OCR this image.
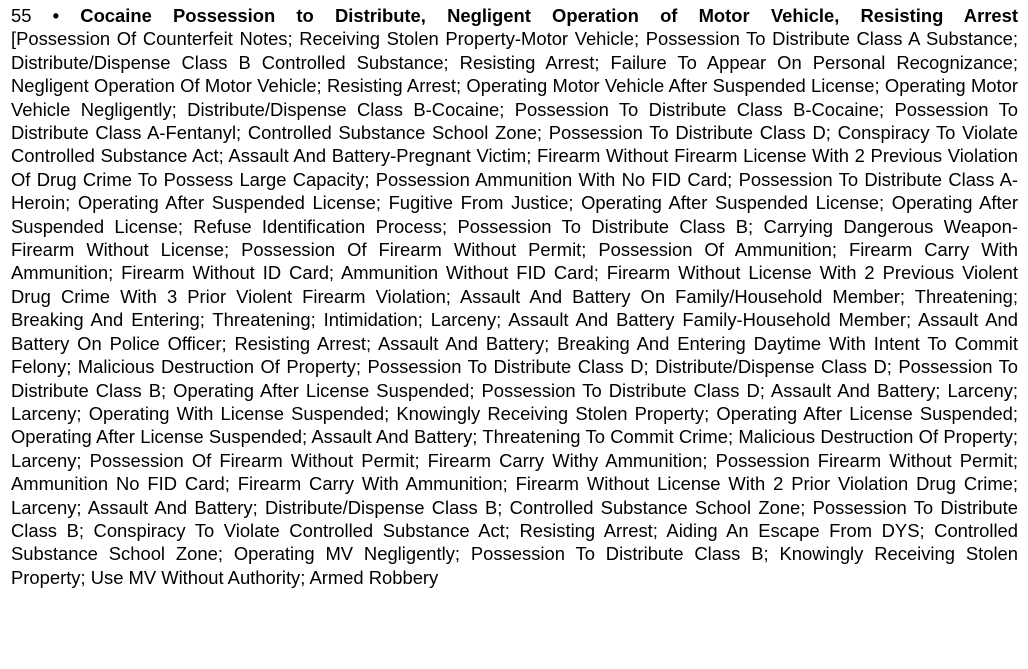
55 • Cocaine Possession to Distribute, Negligent Operation of Motor Vehicle, Resisting Arrest
[Possession Of Counterfeit Notes; Receiving Stolen Property-Motor Vehicle; Possession To Distribute Class A Substance; Distribute/Dispense Class B Controlled Substance; Resisting Arrest; Failure To Appear On Personal Recognizance; Negligent Operation Of Motor Vehicle; Resisting Arrest; Operating Motor Vehicle After Suspended License; Operating Motor Vehicle Negligently; Distribute/Dispense Class B-Cocaine; Possession To Distribute Class B-Cocaine; Possession To Distribute Class A-Fentanyl; Controlled Substance School Zone; Possession To Distribute Class D; Conspiracy To Violate Controlled Substance Act; Assault And Battery-Pregnant Victim; Firearm Without Firearm License With 2 Previous Violation Of Drug Crime To Possess Large Capacity; Possession Ammunition With No FID Card; Possession To Distribute Class A-Heroin; Operating After Suspended License; Fugitive From Justice; Operating After Suspended License; Operating After Suspended License; Refuse Identification Process; Possession To Distribute Class B; Carrying Dangerous Weapon-Firearm Without License; Possession Of Firearm Without Permit; Possession Of Ammunition; Firearm Carry With Ammunition; Firearm Without ID Card; Ammunition Without FID Card; Firearm Without License With 2 Previous Violent Drug Crime With 3 Prior Violent Firearm Violation; Assault And Battery On Family/Household Member; Threatening; Breaking And Entering; Threatening; Intimidation; Larceny; Assault And Battery Family-Household Member; Assault And Battery On Police Officer; Resisting Arrest; Assault And Battery; Breaking And Entering Daytime With Intent To Commit Felony; Malicious Destruction Of Property; Possession To Distribute Class D; Distribute/Dispense Class D; Possession To Distribute Class B; Operating After License Suspended; Possession To Distribute Class D; Assault And Battery; Larceny; Larceny; Operating With License Suspended; Knowingly Receiving Stolen Property; Operating After License Suspended; Operating After License Suspended; Assault And Battery; Threatening To Commit Crime; Malicious Destruction Of Property; Larceny; Possession Of Firearm Without Permit; Firearm Carry Withy Ammunition; Possession Firearm Without Permit; Ammunition No FID Card; Firearm Carry With Ammunition; Firearm Without License With 2 Prior Violation Drug Crime; Larceny; Assault And Battery; Distribute/Dispense Class B; Controlled Substance School Zone; Possession To Distribute Class B; Conspiracy To Violate Controlled Substance Act; Resisting Arrest; Aiding An Escape From DYS; Controlled Substance School Zone; Operating MV Negligently; Possession To Distribute Class B; Knowingly Receiving Stolen Property; Use MV Without Authority; Armed Robbery
